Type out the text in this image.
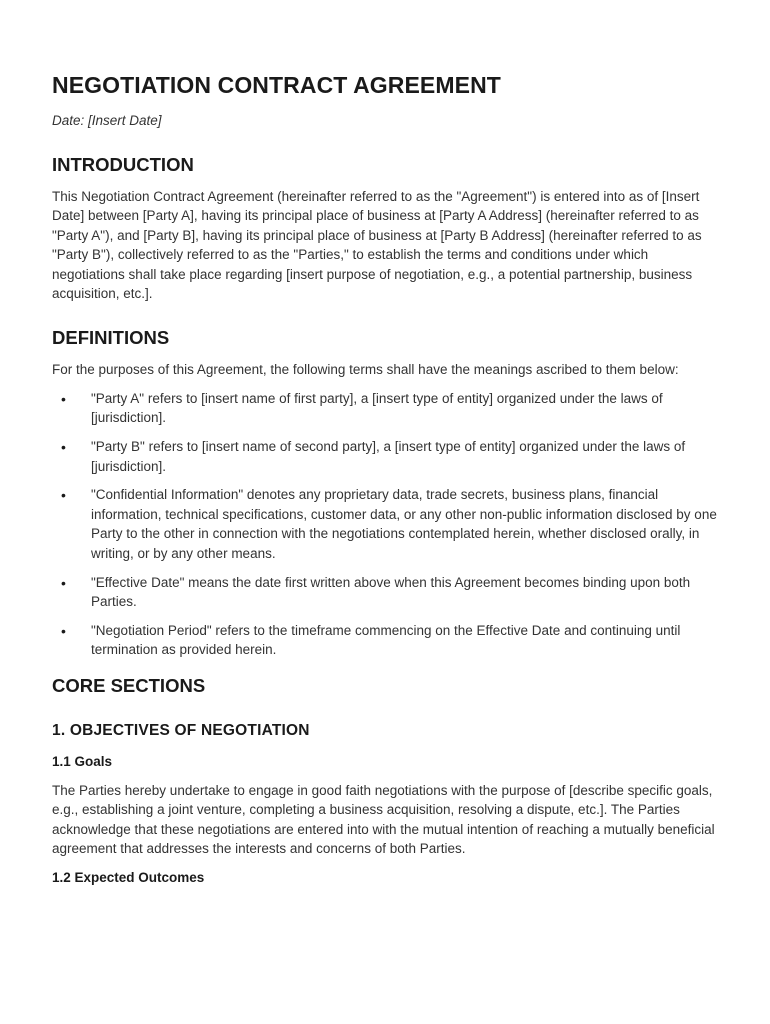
NEGOTIATION CONTRACT AGREEMENT

Date: [Insert Date]

INTRODUCTION

This Negotiation Contract Agreement (hereinafter referred to as the "Agreement") is entered into as of [Insert Date] between [Party A], having its principal place of business at [Party A Address] (hereinafter referred to as "Party A"), and [Party B], having its principal place of business at [Party B Address] (hereinafter referred to as "Party B"), collectively referred to as the "Parties," to establish the terms and conditions under which negotiations shall take place regarding [insert purpose of negotiation, e.g., a potential partnership, business acquisition, etc.].

DEFINITIONS

For the purposes of this Agreement, the following terms shall have the meanings ascribed to them below:

• "Party A" refers to [insert name of first party], a [insert type of entity] organized under the laws of [jurisdiction].
• "Party B" refers to [insert name of second party], a [insert type of entity] organized under the laws of [jurisdiction].
• "Confidential Information" denotes any proprietary data, trade secrets, business plans, financial information, technical specifications, customer data, or any other non-public information disclosed by one Party to the other in connection with the negotiations contemplated herein, whether disclosed orally, in writing, or by any other means.
• "Effective Date" means the date first written above when this Agreement becomes binding upon both Parties.
• "Negotiation Period" refers to the timeframe commencing on the Effective Date and continuing until termination as provided herein.
CORE SECTIONS
1. OBJECTIVES OF NEGOTIATION
1.1 Goals

The Parties hereby undertake to engage in good faith negotiations with the purpose of [describe specific goals, e.g., establishing a joint venture, completing a business acquisition, resolving a dispute, etc.]. The Parties acknowledge that these negotiations are entered into with the mutual intention of reaching a mutually beneficial agreement that addresses the interests and concerns of both Parties.

1.2 Expected Outcomes
